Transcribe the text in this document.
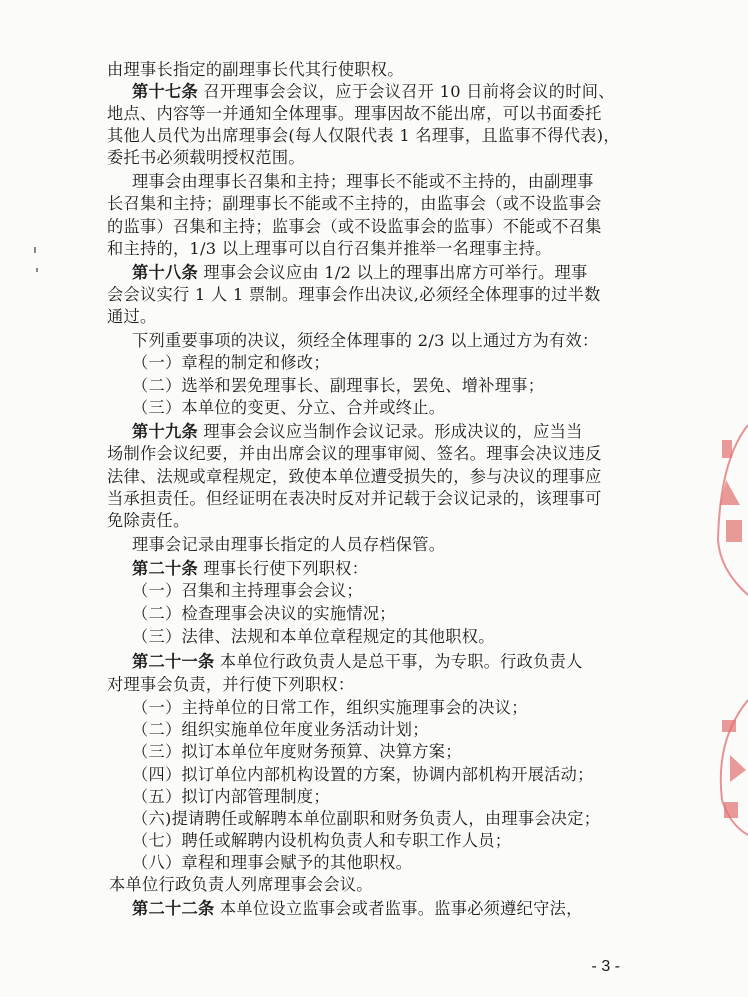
由理事长指定的副理事长代其行使职权。
第十七条 召开理事会会议，应于会议召开 10 日前将会议的时间、
地点、内容等一并通知全体理事。理事因故不能出席，可以书面委托
其他人员代为出席理事会(每人仅限代表 1 名理事，且监事不得代表)，
委托书必须载明授权范围。
理事会由理事长召集和主持；理事长不能或不主持的，由副理事
长召集和主持；副理事长不能或不主持的，由监事会（或不设监事会
的监事）召集和主持；监事会（或不设监事会的监事）不能或不召集
和主持的，1/3 以上理事可以自行召集并推举一名理事主持。
第十八条 理事会会议应由 1/2 以上的理事出席方可举行。理事
会会议实行 1 人 1 票制。理事会作出决议,必须经全体理事的过半数
通过。
下列重要事项的决议，须经全体理事的 2/3 以上通过方为有效：
（一）章程的制定和修改；
（二）选举和罢免理事长、副理事长，罢免、增补理事；
（三）本单位的变更、分立、合并或终止。
第十九条 理事会会议应当制作会议记录。形成决议的，应当当
场制作会议纪要，并由出席会议的理事审阅、签名。理事会决议违反
法律、法规或章程规定，致使本单位遭受损失的，参与决议的理事应
当承担责任。但经证明在表决时反对并记载于会议记录的，该理事可
免除责任。
理事会记录由理事长指定的人员存档保管。
第二十条 理事长行使下列职权：
（一）召集和主持理事会会议；
（二）检查理事会决议的实施情况；
（三）法律、法规和本单位章程规定的其他职权。
第二十一条 本单位行政负责人是总干事，为专职。行政负责人
对理事会负责，并行使下列职权：
（一）主持单位的日常工作，组织实施理事会的决议；
（二）组织实施单位年度业务活动计划；
（三）拟订本单位年度财务预算、决算方案；
（四）拟订单位内部机构设置的方案，协调内部机构开展活动；
（五）拟订内部管理制度；
（六)提请聘任或解聘本单位副职和财务负责人，由理事会决定；
（七）聘任或解聘内设机构负责人和专职工作人员；
（八）章程和理事会赋予的其他职权。
本单位行政负责人列席理事会会议。
第二十二条 本单位设立监事会或者监事。监事必须遵纪守法，
- 3 -
